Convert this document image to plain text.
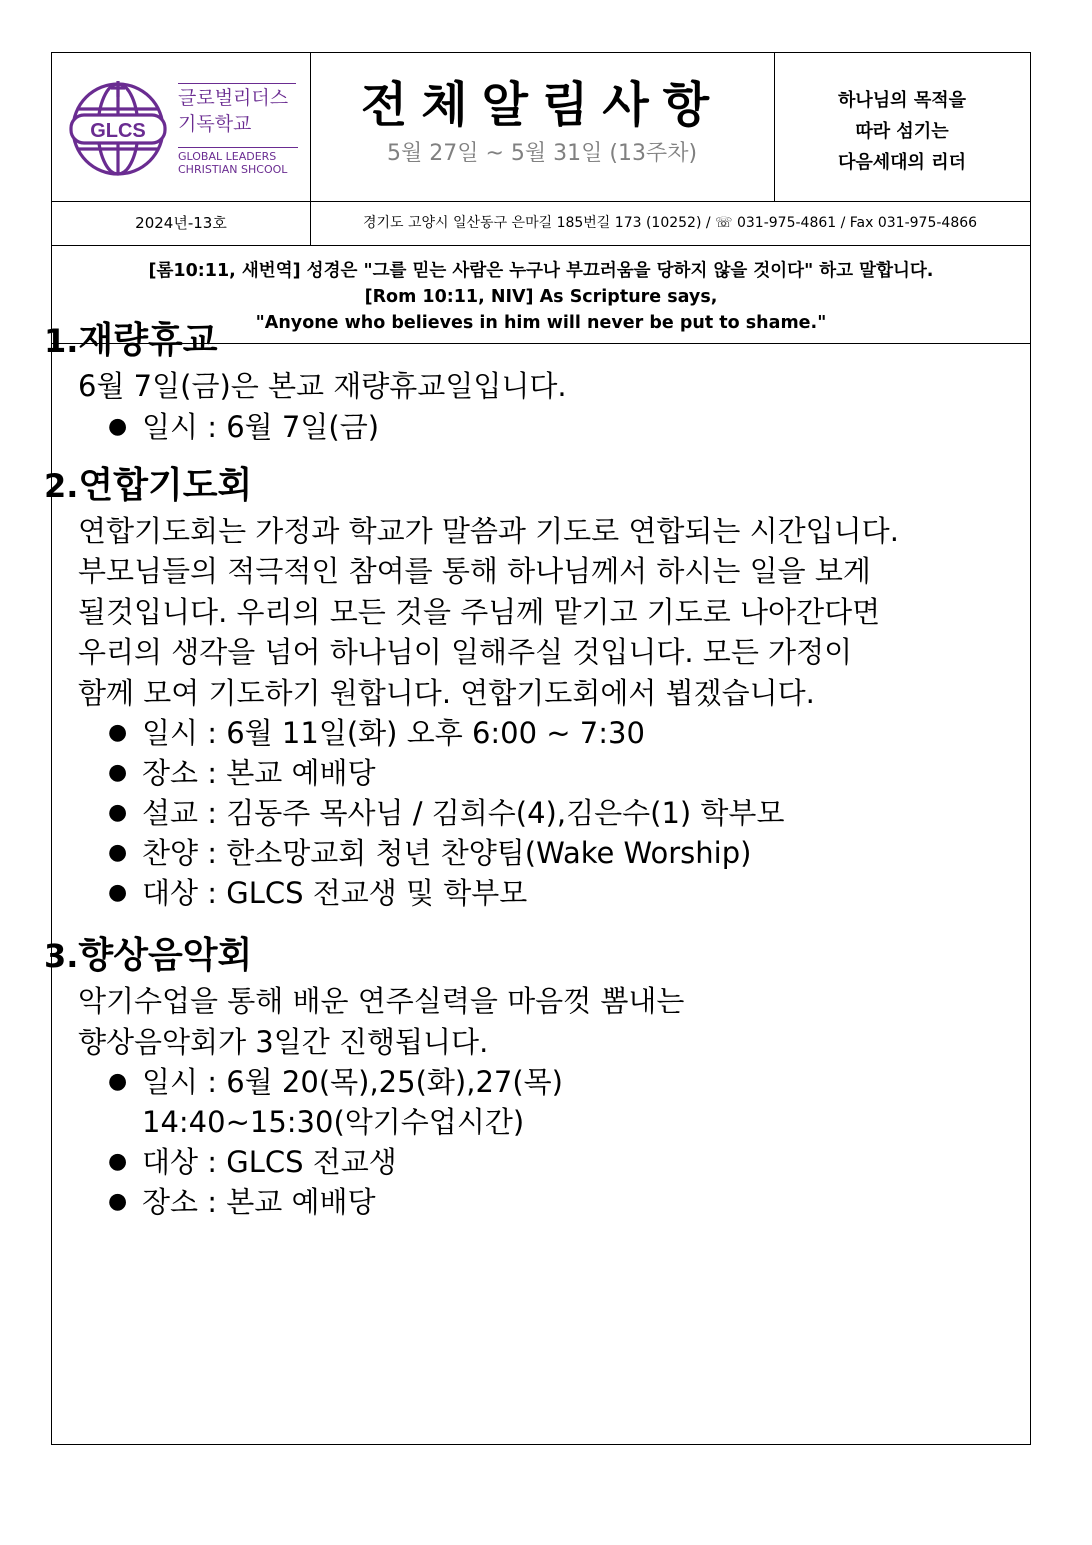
GLCS
글로벌리더스
기독학교
GLOBAL LEADERS
CHRISTIAN SHCOOL
전체알림사항
5월 27일 ~ 5월 31일 (13주차)
하나님의 목적을
따라 섬기는
다음세대의 리더
2024년-13호	경기도 고양시 일산동구 은마길 185번길 173 (10252) / ☏ 031-975-4861 / Fax 031-975-4866
[롬10:11, 새번역] 성경은 "그를 믿는 사람은 누구나 부끄러움을 당하지 않을 것이다" 하고 말합니다.
[Rom 10:11, NIV] As Scripture says,
"Anyone who believes in him will never be put to shame."
1. 재량휴교
6월 7일(금)은 본교 재량휴교일입니다.
● 일시 : 6월 7일(금)
2. 연합기도회
연합기도회는 가정과 학교가 말씀과 기도로 연합되는 시간입니다.
부모님들의 적극적인 참여를 통해 하나님께서 하시는 일을 보게
될것입니다. 우리의 모든 것을 주님께 맡기고 기도로 나아간다면
우리의 생각을 넘어 하나님이 일해주실 것입니다. 모든 가정이
함께 모여 기도하기 원합니다. 연합기도회에서 뵙겠습니다.
● 일시 : 6월 11일(화) 오후 6:00 ~ 7:30
● 장소 : 본교 예배당
● 설교 : 김동주 목사님 / 김희수(4),김은수(1) 학부모
● 찬양 : 한소망교회 청년 찬양팀(Wake Worship)
● 대상 : GLCS 전교생 및 학부모
3. 향상음악회
악기수업을 통해 배운 연주실력을 마음껏 뽐내는
향상음악회가 3일간 진행됩니다.
● 일시 : 6월 20(목),25(화),27(목)
14:40~15:30(악기수업시간)
● 대상 : GLCS 전교생
● 장소 : 본교 예배당
